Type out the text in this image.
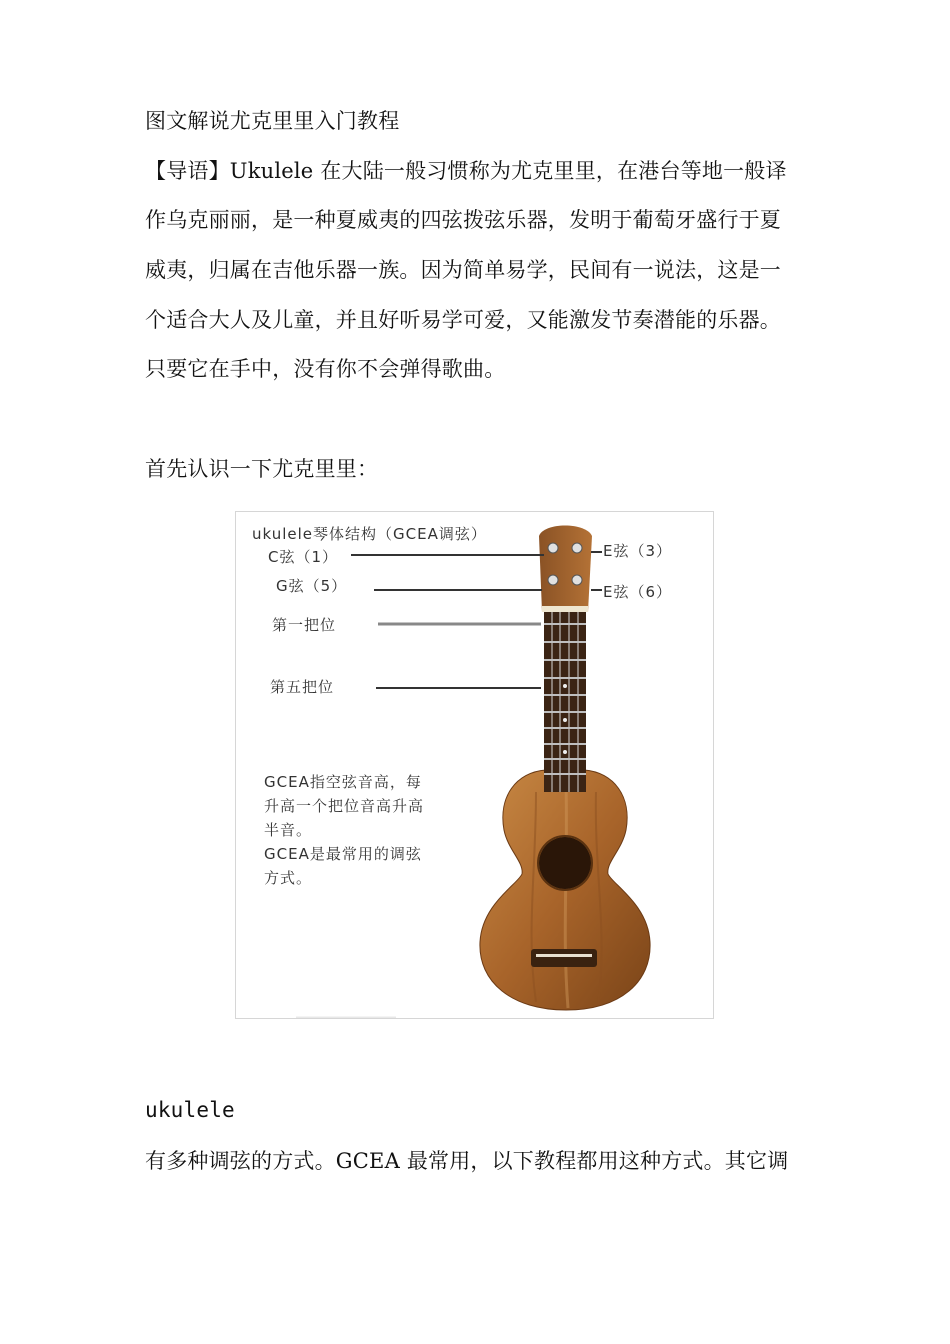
图文解说尤克里里入门教程
【导语】Ukulele 在大陆一般习惯称为尤克里里，在港台等地一般译
作乌克丽丽，是一种夏威夷的四弦拨弦乐器，发明于葡萄牙盛行于夏
威夷，归属在吉他乐器一族。因为简单易学，民间有一说法，这是一
个适合大人及儿童，并且好听易学可爱，又能激发节奏潜能的乐器。
只要它在手中，没有你不会弹得歌曲。
首先认识一下尤克里里：
ukulele琴体结构（GCEA调弦）
C弦（1）
G弦（5）
第一把位
第五把位
E弦（3）
E弦（6）
GCEA指空弦音高，每
升高一个把位音高升高
半音。
GCEA是最常用的调弦
方式。
ukulele
有多种调弦的方式。GCEA 最常用，以下教程都用这种方式。其它调
